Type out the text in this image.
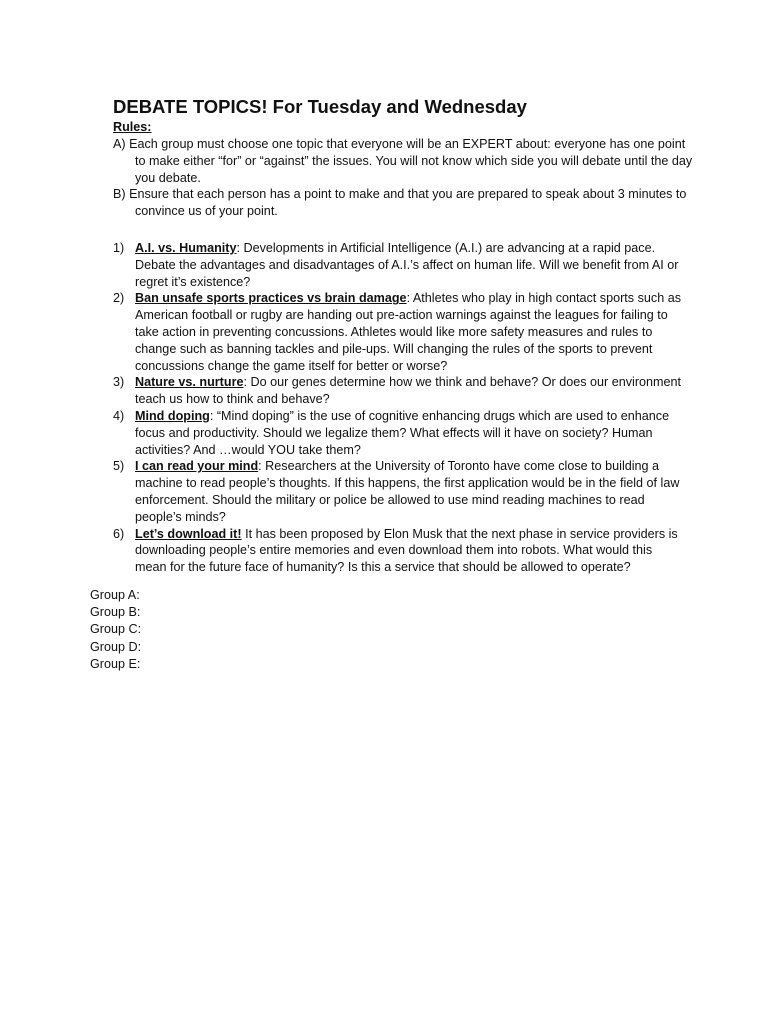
DEBATE TOPICS! For Tuesday and Wednesday
Rules:
A) Each group must choose one topic that everyone will be an EXPERT about: everyone has one point to make either “for” or “against” the issues. You will not know which side you will debate until the day you debate.
B) Ensure that each person has a point to make and that you are prepared to speak about 3 minutes to convince us of your point.
1) A.I. vs. Humanity: Developments in Artificial Intelligence (A.I.) are advancing at a rapid pace. Debate the advantages and disadvantages of A.I.’s affect on human life. Will we benefit from AI or regret it’s existence?
2) Ban unsafe sports practices vs brain damage: Athletes who play in high contact sports such as American football or rugby are handing out pre-action warnings against the leagues for failing to take action in preventing concussions. Athletes would like more safety measures and rules to change such as banning tackles and pile-ups. Will changing the rules of the sports to prevent concussions change the game itself for better or worse?
3) Nature vs. nurture: Do our genes determine how we think and behave? Or does our environment teach us how to think and behave?
4) Mind doping: “Mind doping” is the use of cognitive enhancing drugs which are used to enhance focus and productivity. Should we legalize them? What effects will it have on society? Human activities? And …would YOU take them?
5) I can read your mind: Researchers at the University of Toronto have come close to building a machine to read people’s thoughts. If this happens, the first application would be in the field of law enforcement. Should the military or police be allowed to use mind reading machines to read people’s minds?
6) Let’s download it! It has been proposed by Elon Musk that the next phase in service providers is downloading people’s entire memories and even download them into robots. What would this mean for the future face of humanity? Is this a service that should be allowed to operate?
Group A:
Group B:
Group C:
Group D:
Group E:
